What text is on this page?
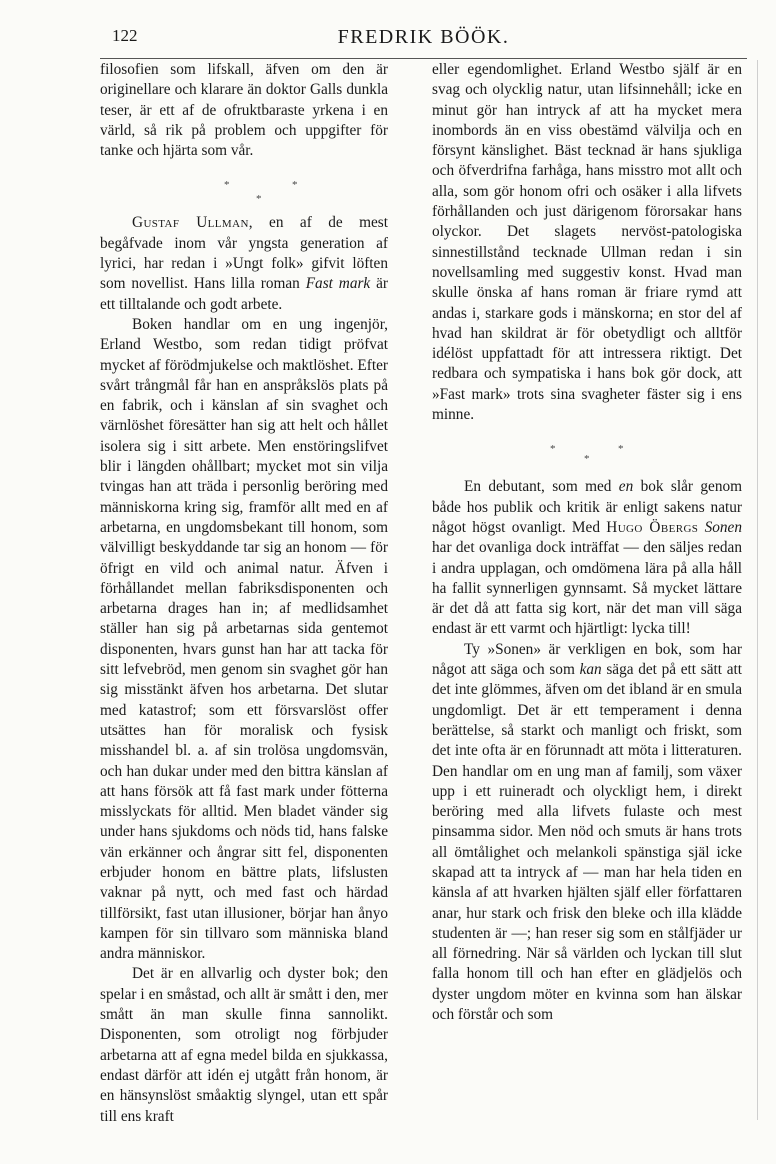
122	FREDRIK BÖÖK.

filosofien som lifskall, äfven om den är originellare och klarare än doktor Galls dunkla teser, är ett af de ofruktbaraste yrkena i en värld, så rik på problem och uppgifter för tanke och hjärta som vår.

*	*
*

Gustaf Ullman, en af de mest begåfvade inom vår yngsta generation af lyrici, har redan i »Ungt folk» gifvit löften som novellist. Hans lilla roman Fast mark är ett tilltalande och godt arbete.

Boken handlar om en ung ingenjör, Erland Westbo, som redan tidigt pröfvat mycket af förödmjukelse och maktlöshet. Efter svårt trångmål får han en anspråkslös plats på en fabrik, och i känslan af sin svaghet och värnlöshet föresätter han sig att helt och hållet isolera sig i sitt arbete. Men enstöringslifvet blir i längden ohållbart; mycket mot sin vilja tvingas han att träda i personlig beröring med människorna kring sig, framför allt med en af arbetarna, en ungdomsbekant till honom, som välvilligt beskyddande tar sig an honom — för öfrigt en vild och animal natur. Äfven i förhållandet mellan fabriksdisponenten och arbetarna drages han in; af medlidsamhet ställer han sig på arbetarnas sida gentemot disponenten, hvars gunst han har att tacka för sitt lefvebröd, men genom sin svaghet gör han sig misstänkt äfven hos arbetarna. Det slutar med katastrof; som ett försvarslöst offer utsättes han för moralisk och fysisk misshandel bl. a. af sin trolösa ungdomsvän, och han dukar under med den bittra känslan af att hans försök att få fast mark under fötterna misslyckats för alltid. Men bladet vänder sig under hans sjukdoms och nöds tid, hans falske vän erkänner och ångrar sitt fel, disponenten erbjuder honom en bättre plats, lifslusten vaknar på nytt, och med fast och härdad tillförsikt, fast utan illusioner, börjar han ånyo kampen för sin tillvaro som människa bland andra människor.

Det är en allvarlig och dyster bok; den spelar i en småstad, och allt är smått i den, mer smått än man skulle finna sannolikt. Disponenten, som otroligt nog förbjuder arbetarna att af egna medel bilda en sjukkassa, endast därför att idén ej utgått från honom, är en hänsynslöst småaktig slyngel, utan ett spår till ens kraft

eller egendomlighet. Erland Westbo själf är en svag och olycklig natur, utan lifsinnehåll; icke en minut gör han intryck af att ha mycket mera inombords än en viss obestämd välvilja och en försynt känslighet. Bäst tecknad är hans sjukliga och öfverdrifna farhåga, hans misstro mot allt och alla, som gör honom ofri och osäker i alla lifvets förhållanden och just därigenom förorsakar hans olyckor. Det slagets nervöst-patologiska sinnestillstånd tecknade Ullman redan i sin novellsamling med suggestiv konst. Hvad man skulle önska af hans roman är friare rymd att andas i, starkare gods i mänskorna; en stor del af hvad han skildrat är för obetydligt och alltför idélöst uppfattadt för att intressera riktigt. Det redbara och sympatiska i hans bok gör dock, att »Fast mark» trots sina svagheter fäster sig i ens minne.

*	*
*

En debutant, som med en bok slår genom både hos publik och kritik är enligt sakens natur något högst ovanligt. Med Hugo Öbergs Sonen har det ovanliga dock inträffat — den säljes redan i andra upplagan, och omdömena lära på alla håll ha fallit synnerligen gynnsamt. Så mycket lättare är det då att fatta sig kort, när det man vill säga endast är ett varmt och hjärtligt: lycka till!

Ty »Sonen» är verkligen en bok, som har något att säga och som kan säga det på ett sätt att det inte glömmes, äfven om det ibland är en smula ungdomligt. Det är ett temperament i denna berättelse, så starkt och manligt och friskt, som det inte ofta är en förunnadt att möta i litteraturen. Den handlar om en ung man af familj, som växer upp i ett ruineradt och olyckligt hem, i direkt beröring med alla lifvets fulaste och mest pinsamma sidor. Men nöd och smuts är hans trots all ömtålighet och melankoli spänstiga själ icke skapad att ta intryck af — man har hela tiden en känsla af att hvarken hjälten själf eller författaren anar, hur stark och frisk den bleke och illa klädde studenten är —; han reser sig som en stålfjäder ur all förnedring. När så världen och lyckan till slut falla honom till och han efter en glädjelös och dyster ungdom möter en kvinna som han älskar och förstår och som
